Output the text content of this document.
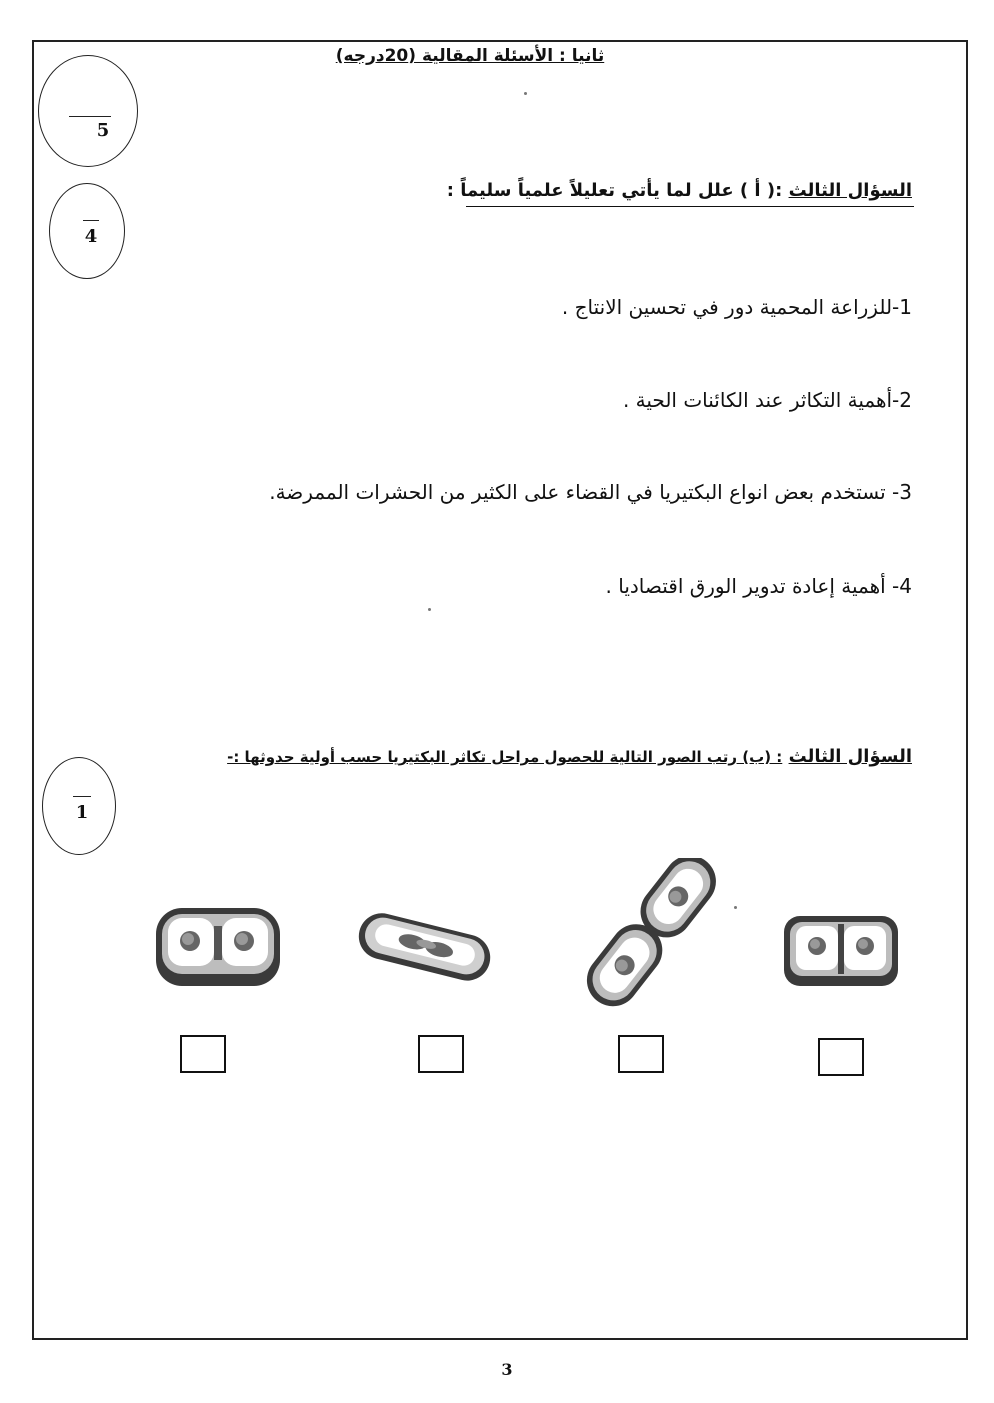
ثانيا : الأسئلة المقالية (20درجه)
5
4
السؤال الثالث :( أ ) علل لما يأتي تعليلاً علمياً سليماً :
1-للزراعة المحمية دور في تحسين الانتاج .
2-أهمية التكاثر عند الكائنات الحية .
3- تستخدم بعض انواع البكتيريا في القضاء على الكثير من الحشرات الممرضة.
4- أهمية إعادة تدوير الورق اقتصاديا .
1
السؤال الثالث : (ب) رتب الصور التالية للحصول مراحل تكاثر البكتيريا حسب أولية حدوثها :-
3
